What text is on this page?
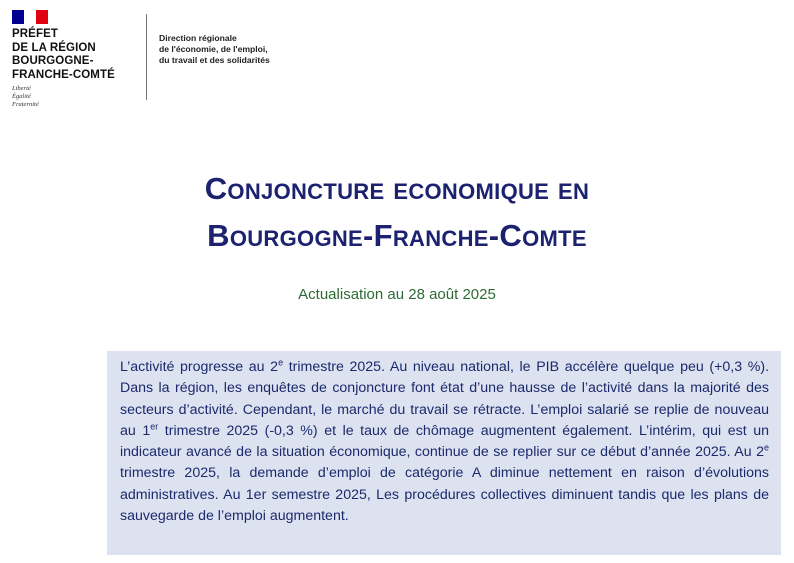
PRÉFET
DE LA RÉGION
BOURGOGNE-
FRANCHE-COMTÉ
Liberté
Égalité
Fraternité
Direction régionale
de l'économie, de l'emploi,
du travail et des solidarités
Conjoncture economique en
Bourgogne-Franche-Comte
Actualisation au 28 août 2025
L’activité progresse au 2e trimestre 2025. Au niveau national, le PIB accélère quelque peu (+0,3 %). Dans la région, les enquêtes de conjoncture font état d’une hausse de l’activité dans la majorité des secteurs d’activité. Cependant, le marché du travail se rétracte. L’emploi salarié se replie de nouveau au 1er trimestre 2025 (-0,3 %) et le taux de chômage augmentent également. L’intérim, qui est un indicateur avancé de la situation économique, continue de se replier sur ce début d’année 2025. Au 2e trimestre 2025, la demande d’emploi de catégorie A diminue nettement en raison d’évolutions administratives. Au 1er semestre 2025, Les procédures collectives diminuent tandis que les plans de sauvegarde de l’emploi augmentent.
